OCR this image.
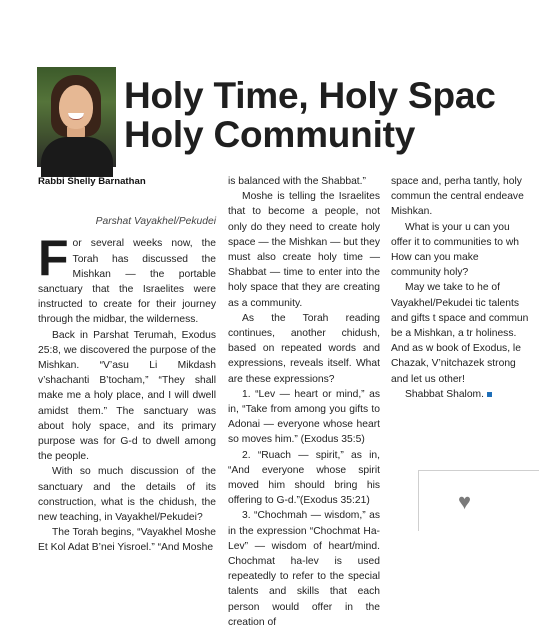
Holy Time, Holy Spac
Holy Community

Rabbi Shelly Barnathan

Parshat Vayakhel/Pekudei

For several weeks now, the Torah has discussed the Mishkan — the portable sanctuary that the Israelites were instructed to create for their journey through the midbar, the wilderness.

Back in Parshat Terumah, Exodus 25:8, we discovered the purpose of the Mishkan. “V’asu Li Mikdash v’shachanti B’tocham,” “They shall make me a holy place, and I will dwell amidst them.” The sanctuary was about holy space, and its primary purpose was for G-d to dwell among the people.

With so much discussion of the sanctuary and the details of its construction, what is the chidush, the new teaching, in Vayakhel/Pekudei?

The Torah begins, “Vayakhel Moshe Et Kol Adat B’nei Yisroel.” “And Moshe

is balanced with the Shabbat.”

Moshe is telling the Israelites that to become a people, not only do they need to create holy space — the Mishkan — but they must also create holy time — Shabbat — time to enter into the holy space that they are creating as a community.

As the Torah reading continues, another chidush, based on repeated words and expressions, reveals itself. What are these expressions?

1. “Lev — heart or mind,” as in, “Take from among you gifts to Adonai — everyone whose heart so moves him.” (Exodus 35:5)

2. “Ruach — spirit,” as in, “And everyone whose spirit moved him should bring his offering to G-d.”(Exodus 35:21)

3. “Chochmah — wisdom,” as in the expression “Chochmat Ha-Lev” — wisdom of heart/mind. Chochmat ha-lev is used repeatedly to refer to the special talents and skills that each person would offer in the creation of

space and, perha tantly, holy commun the central endeave Mishkan.

What is your u can you offer it to communities to wh How can you make community holy?

May we take to he of Vayakhel/Pekudei tic talents and gifts t space and commun be a Mishkan, a tr holiness. And as w book of Exodus, le Chazak, V’nitchazek strong and let us other!

Shabbat Shalom.

♥
